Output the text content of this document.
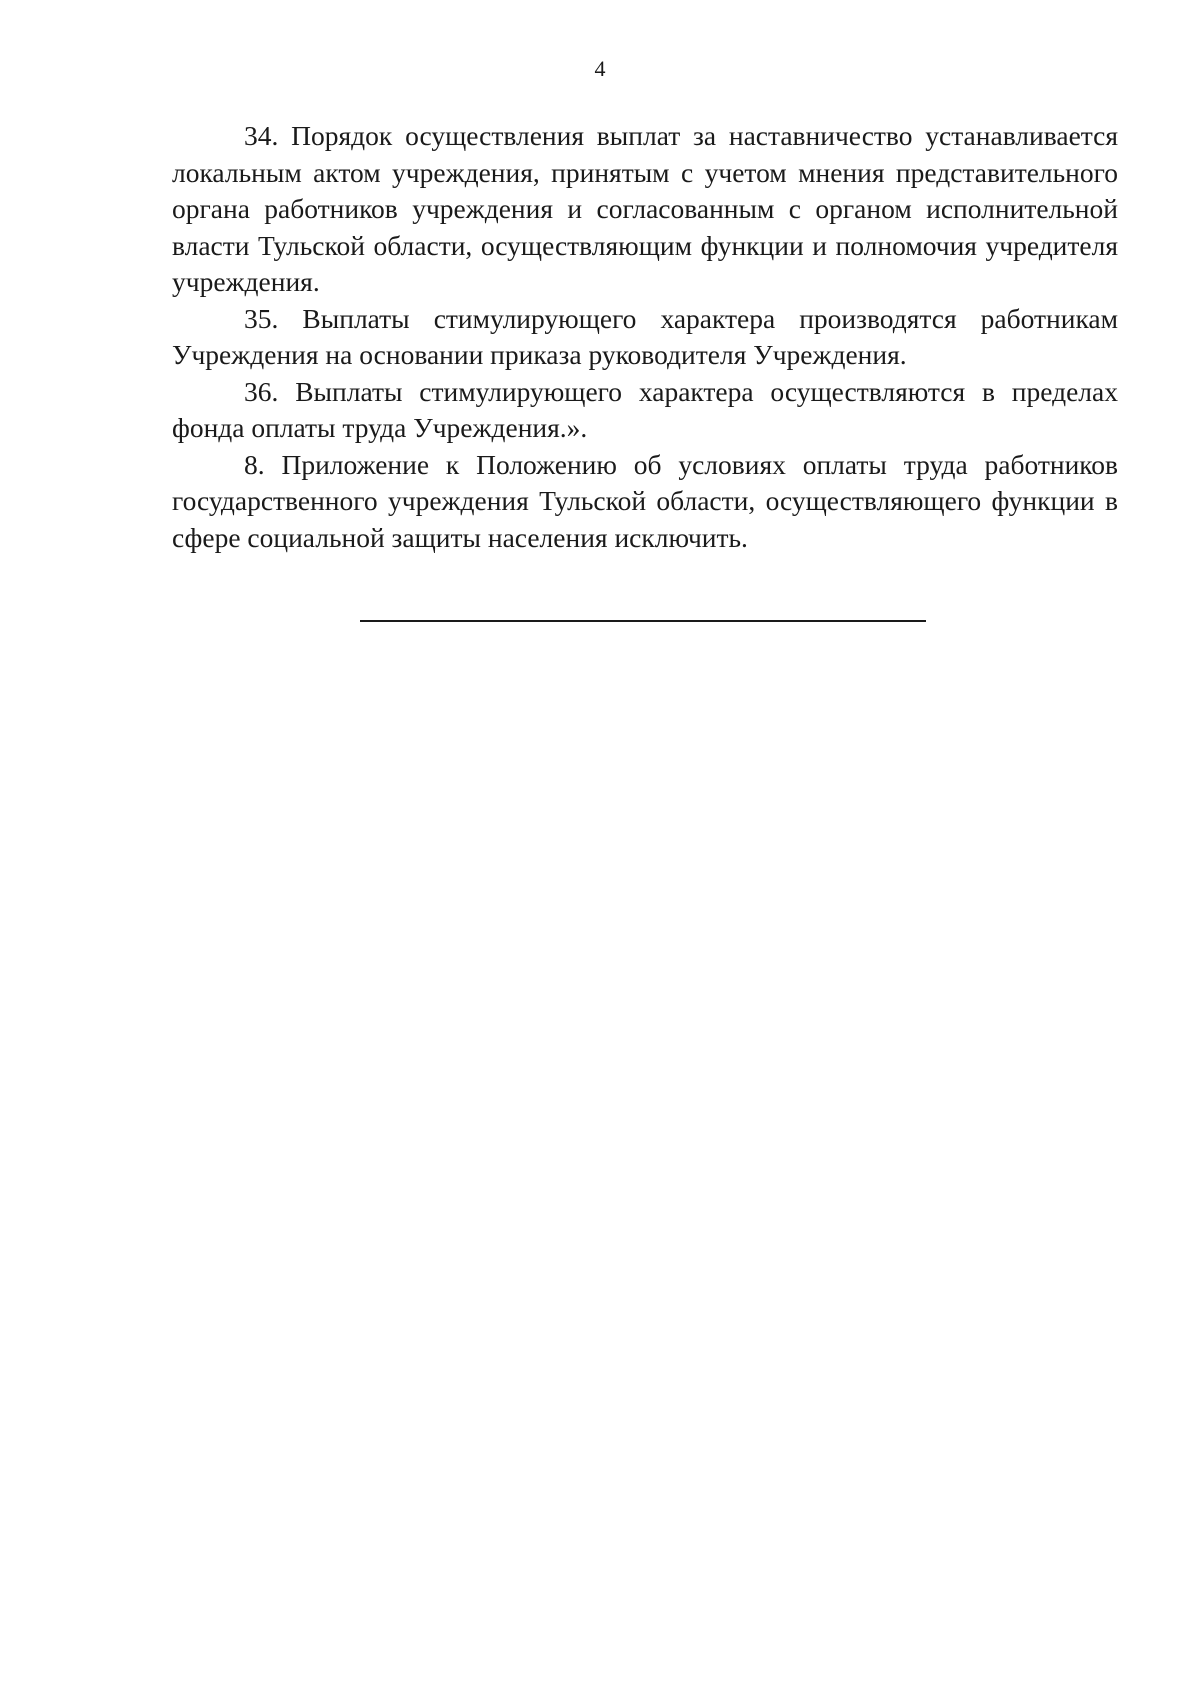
4

34. Порядок осуществления выплат за наставничество устанавливается локальным актом учреждения, принятым с учетом мнения представительного органа работников учреждения и согласованным с органом исполнительной власти Тульской области, осуществляющим функции и полномочия учредителя учреждения.

35. Выплаты стимулирующего характера производятся работникам Учреждения на основании приказа руководителя Учреждения.

36. Выплаты стимулирующего характера осуществляются в пределах фонда оплаты труда Учреждения.».

8. Приложение к Положению об условиях оплаты труда работников государственного учреждения Тульской области, осуществляющего функции в сфере социальной защиты населения исключить.
